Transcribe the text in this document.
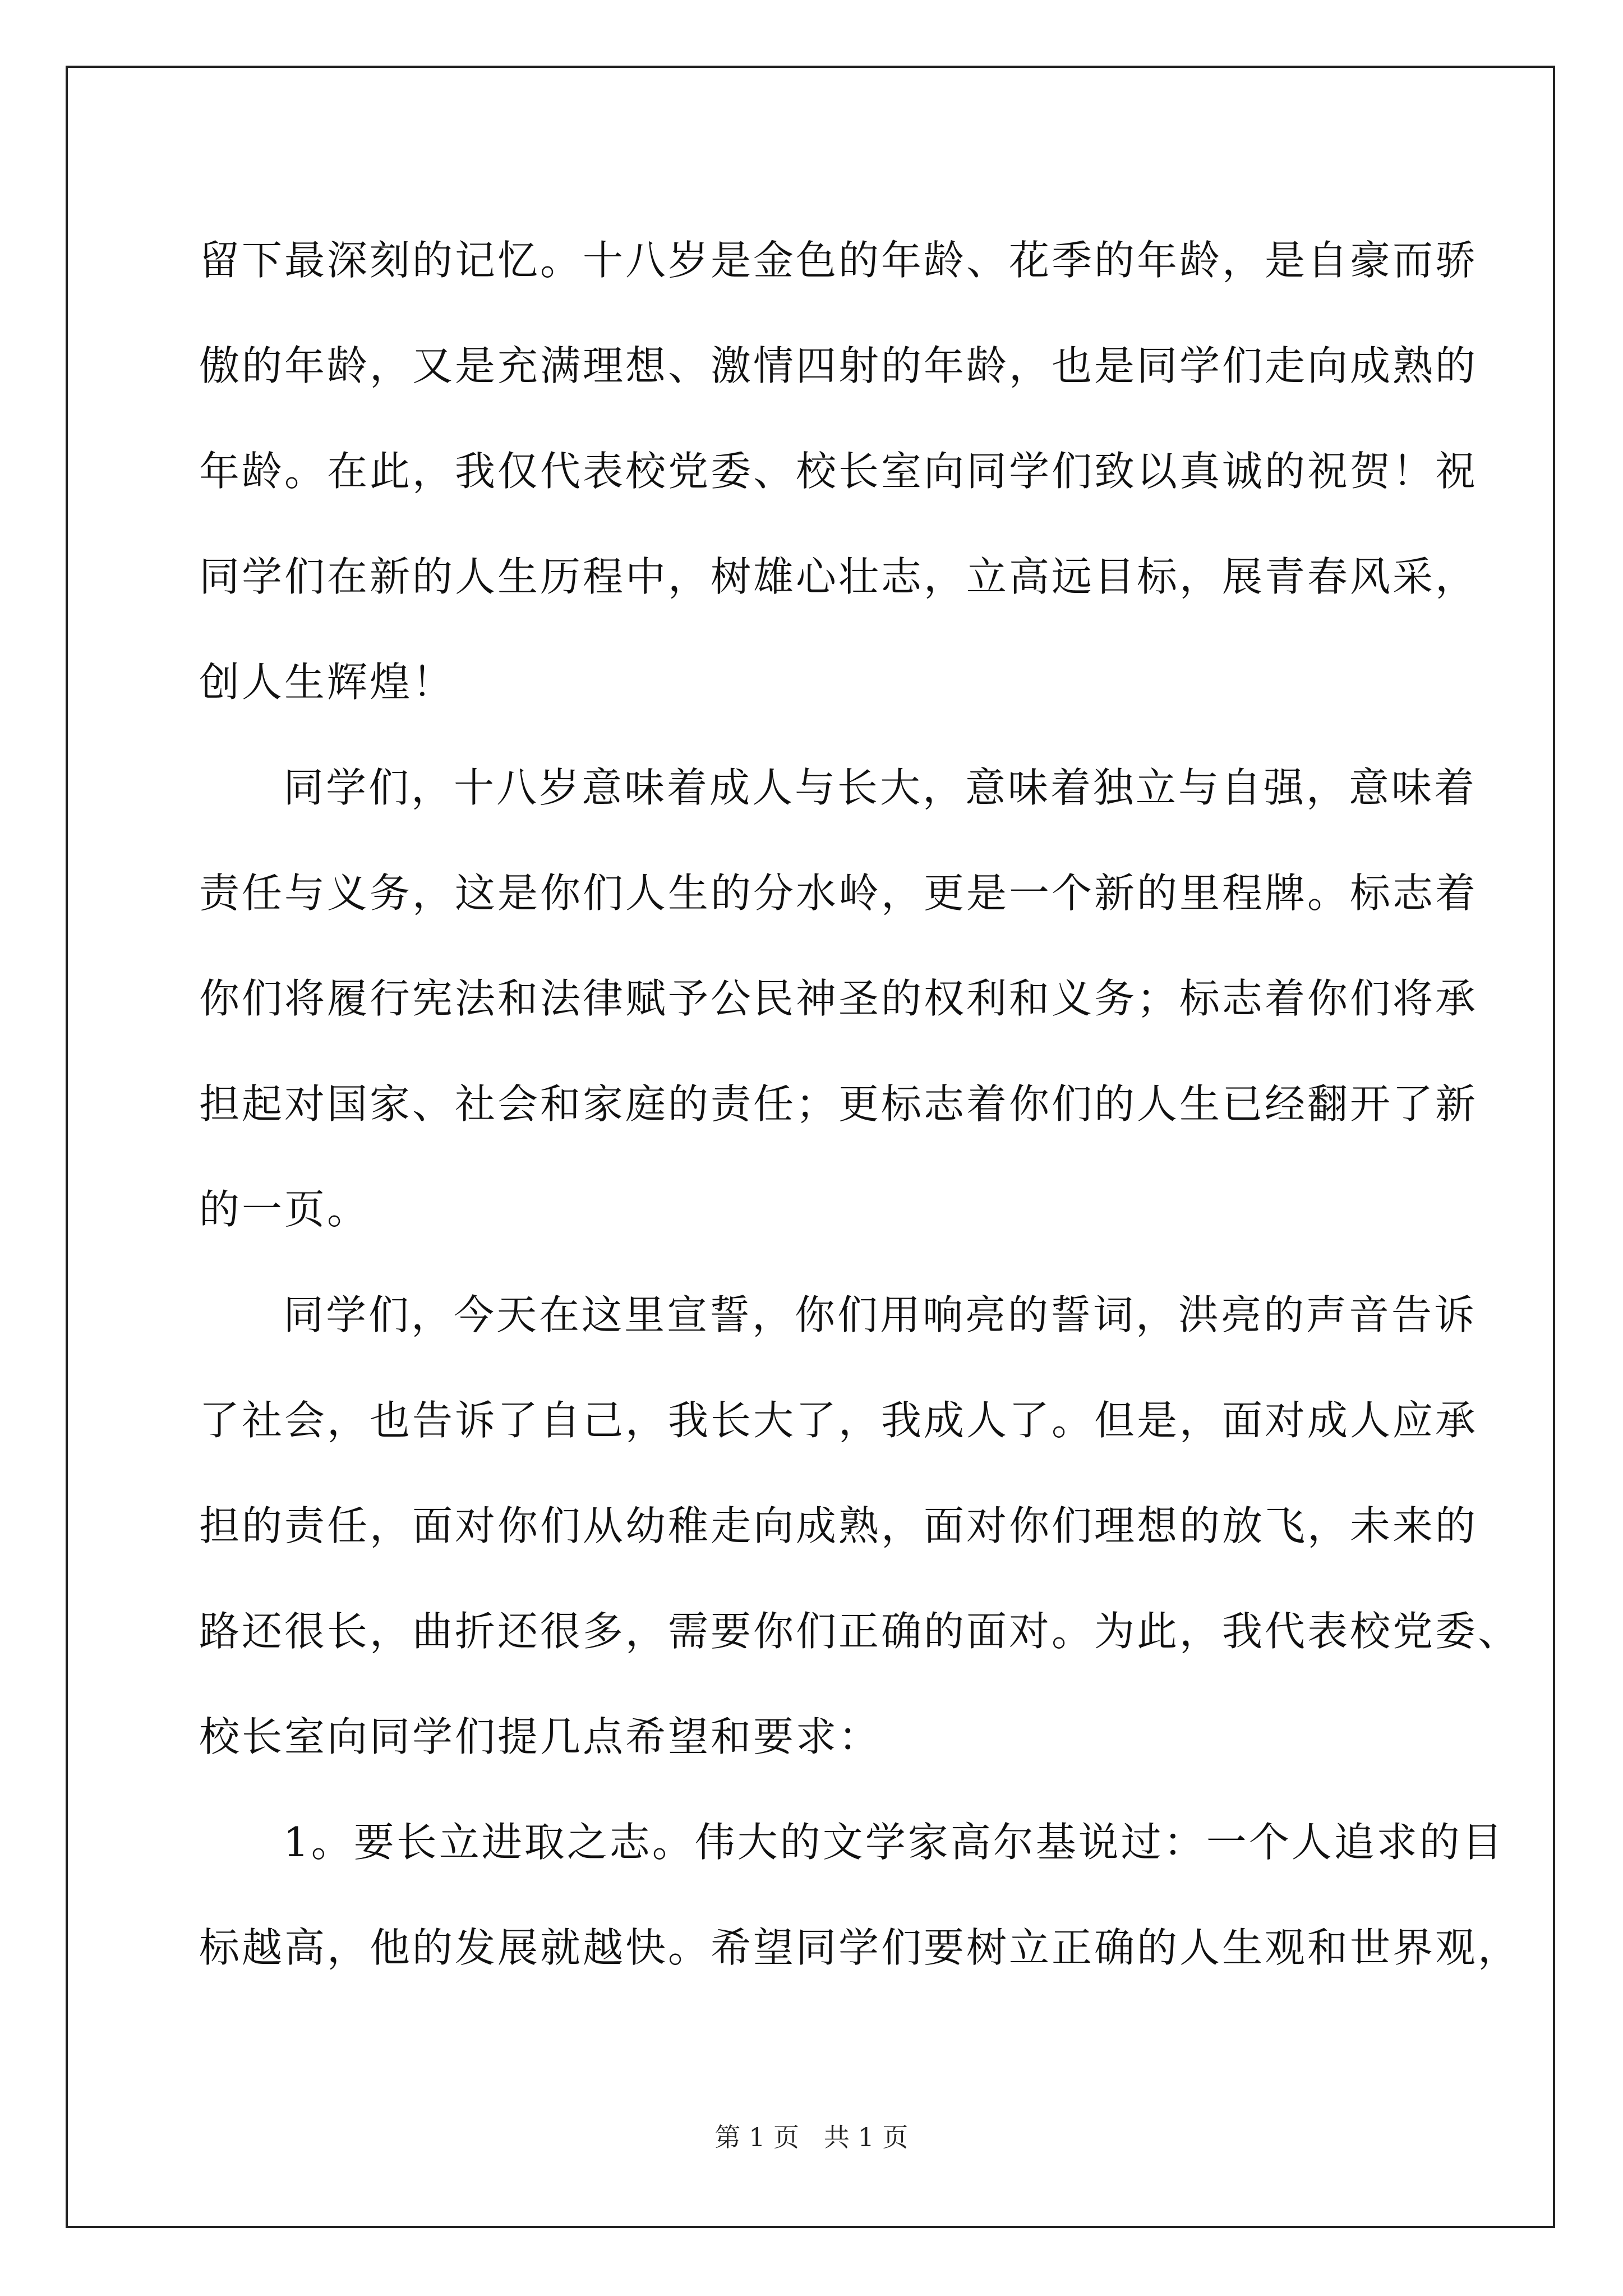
留下最深刻的记忆。十八岁是金色的年龄、花季的年龄，是自豪而骄
傲的年龄，又是充满理想、激情四射的年龄，也是同学们走向成熟的
年龄。在此，我仅代表校党委、校长室向同学们致以真诚的祝贺！祝
同学们在新的人生历程中，树雄心壮志，立高远目标，展青春风采，
创人生辉煌！
同学们，十八岁意味着成人与长大，意味着独立与自强，意味着
责任与义务，这是你们人生的分水岭，更是一个新的里程牌。标志着
你们将履行宪法和法律赋予公民神圣的权利和义务；标志着你们将承
担起对国家、社会和家庭的责任；更标志着你们的人生已经翻开了新
的一页。
同学们，今天在这里宣誓，你们用响亮的誓词，洪亮的声音告诉
了社会，也告诉了自己，我长大了，我成人了。但是，面对成人应承
担的责任，面对你们从幼稚走向成熟，面对你们理想的放飞，未来的
路还很长，曲折还很多，需要你们正确的面对。为此，我代表校党委、
校长室向同学们提几点希望和要求：
1。要长立进取之志。伟大的文学家高尔基说过：一个人追求的目
标越高，他的发展就越快。希望同学们要树立正确的人生观和世界观，
第 1 页   共 1 页
